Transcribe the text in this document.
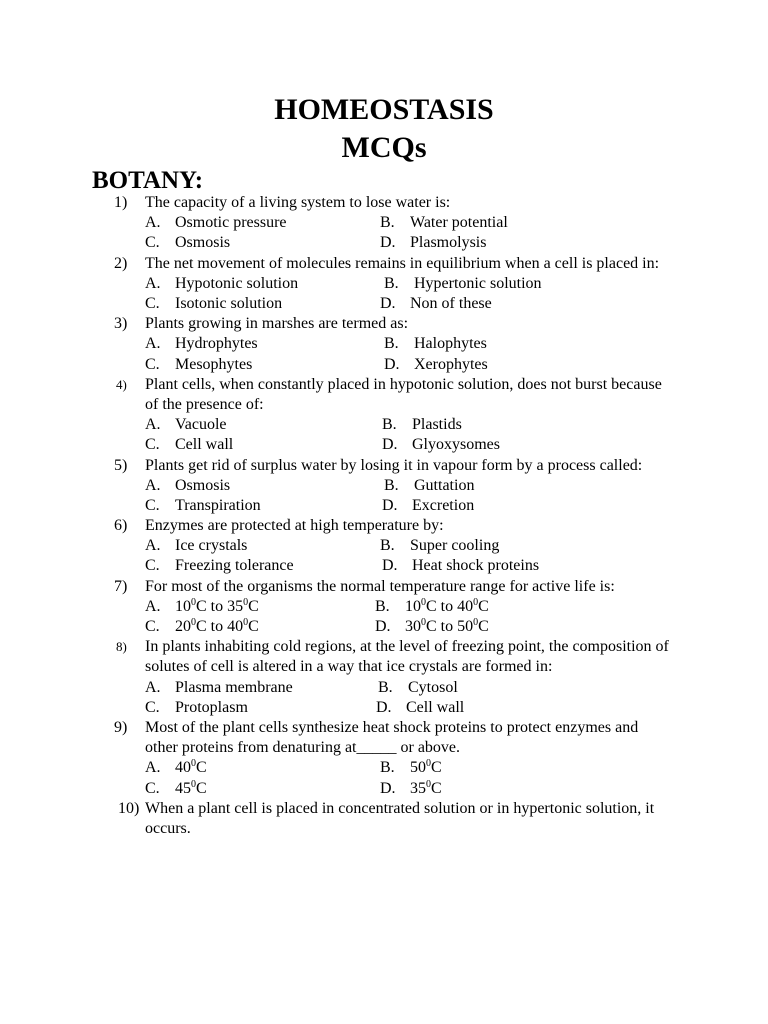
HOMEOSTASIS
MCQs
BOTANY:
1)	The capacity of a living system to lose water is:
A. Osmotic pressure	B. Water potential
C. Osmosis	D. Plasmolysis
2)	The net movement of molecules remains in equilibrium when a cell is placed in:
A. Hypotonic solution	B. Hypertonic solution
C. Isotonic solution	D. Non of these
3)	Plants growing in marshes are termed as:
A. Hydrophytes	B. Halophytes
C. Mesophytes	D. Xerophytes
4)	Plant cells, when constantly placed in hypotonic solution, does not burst because of the presence of:
A. Vacuole	B. Plastids
C. Cell wall	D. Glyoxysomes
5)	Plants get rid of surplus water by losing it in vapour form by a process called:
A. Osmosis	B. Guttation
C. Transpiration	D. Excretion
6)	Enzymes are protected at high temperature by:
A. Ice crystals	B. Super cooling
C. Freezing tolerance	D. Heat shock proteins
7)	For most of the organisms the normal temperature range for active life is:
A. $10^0C$ to $35^0C$	B. $10^0C$ to $40^0C$
C. $20^0C$ to $40^0C$	D. $30^0C$ to $50^0C$
8)	In plants inhabiting cold regions, at the level of freezing point, the composition of solutes of cell is altered in a way that ice crystals are formed in:
A. Plasma membrane	B. Cytosol
C. Protoplasm	D. Cell wall
9)	Most of the plant cells synthesize heat shock proteins to protect enzymes and other proteins from denaturing at_____ or above.
A. $40^0C$	B. $50^0C$
C. $45^0C$	D. $35^0C$
10) When a plant cell is placed in concentrated solution or in hypertonic solution, it occurs.
